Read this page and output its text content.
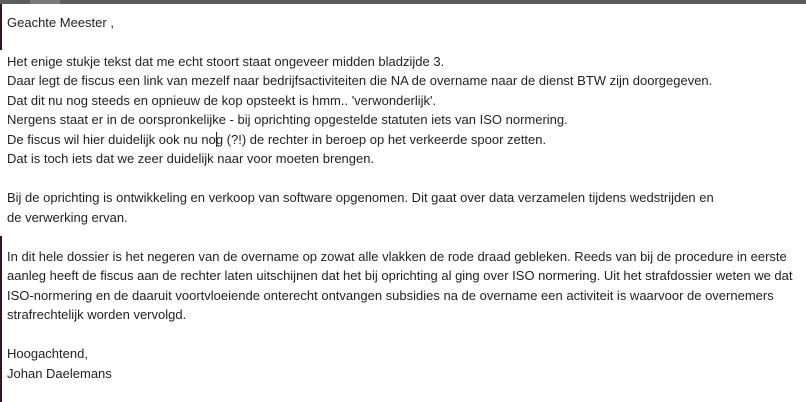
Geachte Meester ,
Het enige stukje tekst dat me echt stoort staat ongeveer midden bladzijde 3.
Daar legt de fiscus een link van mezelf naar bedrijfsactiviteiten die NA de overname naar de dienst BTW zijn doorgegeven.
Dat dit nu nog steeds en opnieuw de kop opsteekt is hmm.. 'verwonderlijk'.
Nergens staat er in de oorspronkelijke - bij oprichting opgestelde statuten iets van ISO normering.
De fiscus wil hier duidelijk ook nu nog (?!) de rechter in beroep op het verkeerde spoor zetten.
Dat is toch iets dat we zeer duidelijk naar voor moeten brengen.
Bij de oprichting is ontwikkeling en verkoop van software opgenomen. Dit gaat over data verzamelen tijdens wedstrijden en
de verwerking ervan.
In dit hele dossier is het negeren van de overname op zowat alle vlakken de rode draad gebleken. Reeds van bij de procedure in eerste
aanleg heeft de fiscus aan de rechter laten uitschijnen dat het bij oprichting al ging over ISO normering. Uit het strafdossier weten we dat
ISO-normering en de daaruit voortvloeiende onterecht ontvangen subsidies na de overname een activiteit is waarvoor de overnemers
strafrechtelijk worden vervolgd.
Hoogachtend,
Johan Daelemans
